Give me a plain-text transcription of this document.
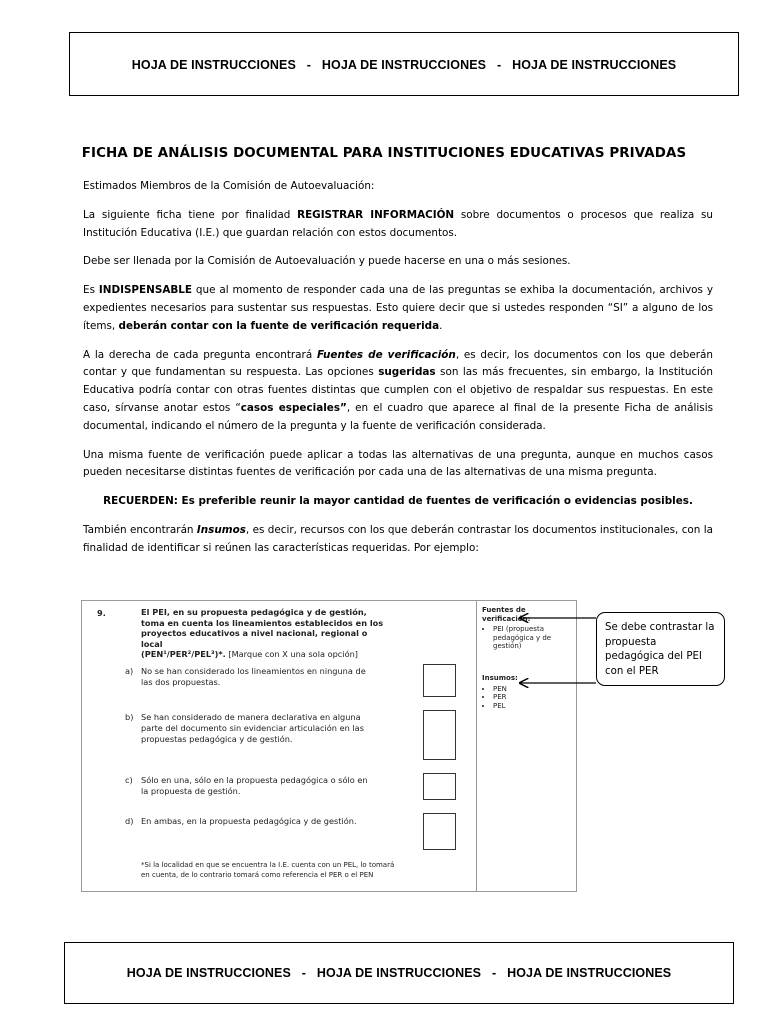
HOJA DE INSTRUCCIONES - HOJA DE INSTRUCCIONES - HOJA DE INSTRUCCIONES
FICHA DE ANÁLISIS DOCUMENTAL PARA INSTITUCIONES EDUCATIVAS PRIVADAS

Estimados Miembros de la Comisión de Autoevaluación:

La siguiente ficha tiene por finalidad REGISTRAR INFORMACIÓN sobre documentos o procesos que realiza su Institución Educativa (I.E.) que guardan relación con estos documentos.

Debe ser llenada por la Comisión de Autoevaluación y puede hacerse en una o más sesiones.

Es INDISPENSABLE que al momento de responder cada una de las preguntas se exhiba la documentación, archivos y expedientes necesarios para sustentar sus respuestas. Esto quiere decir que si ustedes responden “SI” a alguno de los ítems, deberán contar con la fuente de verificación requerida.

A la derecha de cada pregunta encontrará Fuentes de verificación, es decir, los documentos con los que deberán contar y que fundamentan su respuesta. Las opciones sugeridas son las más frecuentes, sin embargo, la Institución Educativa podría contar con otras fuentes distintas que cumplen con el objetivo de respaldar sus respuestas. En este caso, sírvanse anotar estos “casos especiales”, en el cuadro que aparece al final de la presente Ficha de análisis documental, indicando el número de la pregunta y la fuente de verificación considerada.

Una misma fuente de verificación puede aplicar a todas las alternativas de una pregunta, aunque en muchos casos pueden necesitarse distintas fuentes de verificación por cada una de las alternativas de una misma pregunta.

RECUERDEN: Es preferible reunir la mayor cantidad de fuentes de verificación o evidencias posibles.

También encontrarán Insumos, es decir, recursos con los que deberán contrastar los documentos institucionales, con la finalidad de identificar si reúnen las características requeridas. Por ejemplo:

9.	El PEI, en su propuesta pedagógica y de gestión, toma en cuenta los lineamientos establecidos en los proyectos educativos a nivel nacional, regional o local
(PEN¹/PER²/PEL³)*. [Marque con X una sola opción]
a) No se han considerado los lineamientos en ninguna de las dos propuestas.
b) Se han considerado de manera declarativa en alguna parte del documento sin evidenciar articulación en las propuestas pedagógica y de gestión.
c) Sólo en una, sólo en la propuesta pedagógica o sólo en la propuesta de gestión.
d) En ambas, en la propuesta pedagógica y de gestión.
*Si la localidad en que se encuentra la I.E. cuenta con un PEL, lo tomará en cuenta, de lo contrario tomará como referencia el PER o el PEN
Fuentes de verificación:
• PEI (propuesta pedagógica y de gestión)
Insumos:
• PEN
• PER
• PEL
Se debe contrastar la propuesta pedagógica del PEI con el PER
HOJA DE INSTRUCCIONES - HOJA DE INSTRUCCIONES - HOJA DE INSTRUCCIONES
